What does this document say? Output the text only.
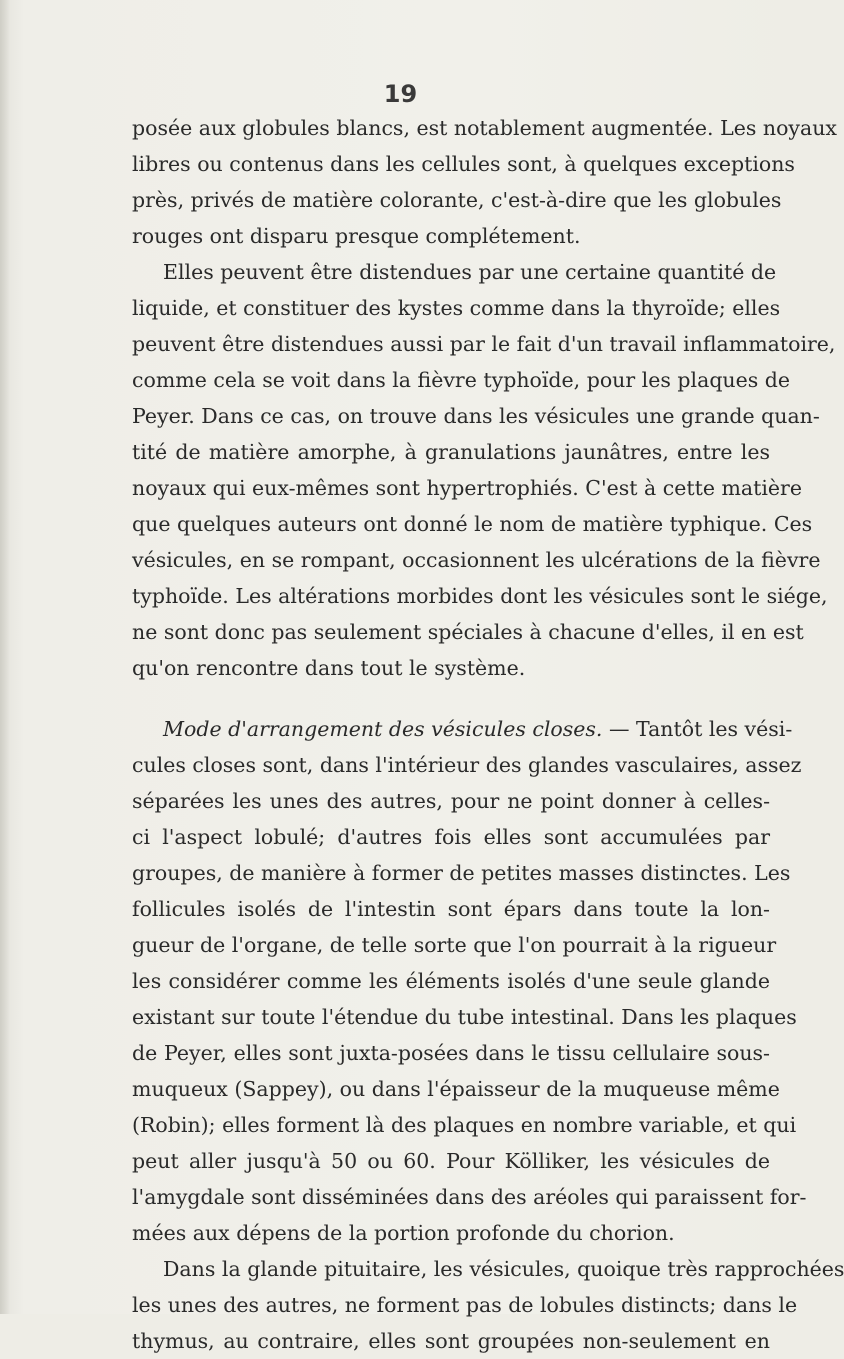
19
posée aux globules blancs, est notablement augmentée. Les noyaux
libres ou contenus dans les cellules sont, à quelques exceptions
près, privés de matière colorante, c'est-à-dire que les globules
rouges ont disparu presque complétement.
Elles peuvent être distendues par une certaine quantité de
liquide, et constituer des kystes comme dans la thyroïde; elles
peuvent être distendues aussi par le fait d'un travail inflammatoire,
comme cela se voit dans la fièvre typhoïde, pour les plaques de
Peyer. Dans ce cas, on trouve dans les vésicules une grande quan-
tité de matière amorphe, à granulations jaunâtres, entre les
noyaux qui eux-mêmes sont hypertrophiés. C'est à cette matière
que quelques auteurs ont donné le nom de matière typhique. Ces
vésicules, en se rompant, occasionnent les ulcérations de la fièvre
typhoïde. Les altérations morbides dont les vésicules sont le siége,
ne sont donc pas seulement spéciales à chacune d'elles, il en est
qu'on rencontre dans tout le système.
Mode d'arrangement des vésicules closes. — Tantôt les vési-
cules closes sont, dans l'intérieur des glandes vasculaires, assez
séparées les unes des autres, pour ne point donner à celles-
ci l'aspect lobulé; d'autres fois elles sont accumulées par
groupes, de manière à former de petites masses distinctes. Les
follicules isolés de l'intestin sont épars dans toute la lon-
gueur de l'organe, de telle sorte que l'on pourrait à la rigueur
les considérer comme les éléments isolés d'une seule glande
existant sur toute l'étendue du tube intestinal. Dans les plaques
de Peyer, elles sont juxta-posées dans le tissu cellulaire sous-
muqueux (Sappey), ou dans l'épaisseur de la muqueuse même
(Robin); elles forment là des plaques en nombre variable, et qui
peut aller jusqu'à 50 ou 60. Pour Kölliker, les vésicules de
l'amygdale sont disséminées dans des aréoles qui paraissent for-
mées aux dépens de la portion profonde du chorion.
Dans la glande pituitaire, les vésicules, quoique très rapprochées
les unes des autres, ne forment pas de lobules distincts; dans le
thymus, au contraire, elles sont groupées non-seulement en
